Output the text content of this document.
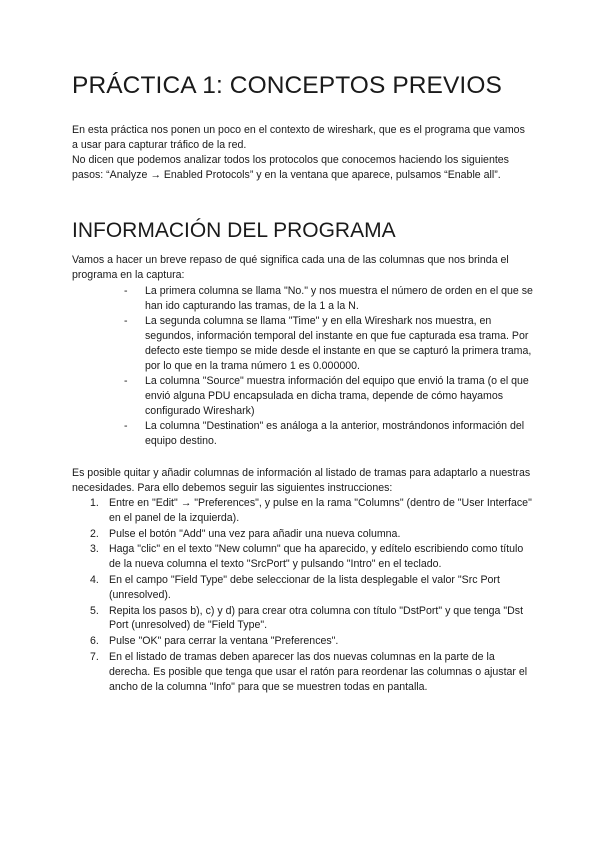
PRÁCTICA 1: CONCEPTOS PREVIOS

En esta práctica nos ponen un poco en el contexto de wireshark, que es el programa que vamos a usar para capturar tráfico de la red.

No dicen que podemos analizar todos los protocolos que conocemos haciendo los siguientes pasos: “Analyze → Enabled Protocols” y en la ventana que aparece, pulsamos “Enable all”.

INFORMACIÓN DEL PROGRAMA

Vamos a hacer un breve repaso de qué significa cada una de las columnas que nos brinda el programa en la captura:

- La primera columna se llama "No." y nos muestra el número de orden en el que se han ido capturando las tramas, de la 1 a la N.
- La segunda columna se llama "Time" y en ella Wireshark nos muestra, en segundos, información temporal del instante en que fue capturada esa trama. Por defecto este tiempo se mide desde el instante en que se capturó la primera trama, por lo que en la trama número 1 es 0.000000.
- La columna "Source" muestra información del equipo que envió la trama (o el que envió alguna PDU encapsulada en dicha trama, depende de cómo hayamos configurado Wireshark)
- La columna "Destination" es análoga a la anterior, mostrándonos información del equipo destino.

Es posible quitar y añadir columnas de información al listado de tramas para adaptarlo a nuestras necesidades. Para ello debemos seguir las siguientes instrucciones:

1. Entre en "Edit" → "Preferences", y pulse en la rama "Columns" (dentro de "User Interface" en el panel de la izquierda).
2. Pulse el botón "Add" una vez para añadir una nueva columna.
3. Haga "clic" en el texto "New column" que ha aparecido, y edítelo escribiendo como título de la nueva columna el texto "SrcPort" y pulsando "Intro" en el teclado.
4. En el campo "Field Type" debe seleccionar de la lista desplegable el valor "Src Port (unresolved).
5. Repita los pasos b), c) y d) para crear otra columna con título "DstPort" y que tenga "Dst Port (unresolved) de "Field Type".
6. Pulse "OK" para cerrar la ventana "Preferences".
7. En el listado de tramas deben aparecer las dos nuevas columnas en la parte de la derecha. Es posible que tenga que usar el ratón para reordenar las columnas o ajustar el ancho de la columna "Info" para que se muestren todas en pantalla.
